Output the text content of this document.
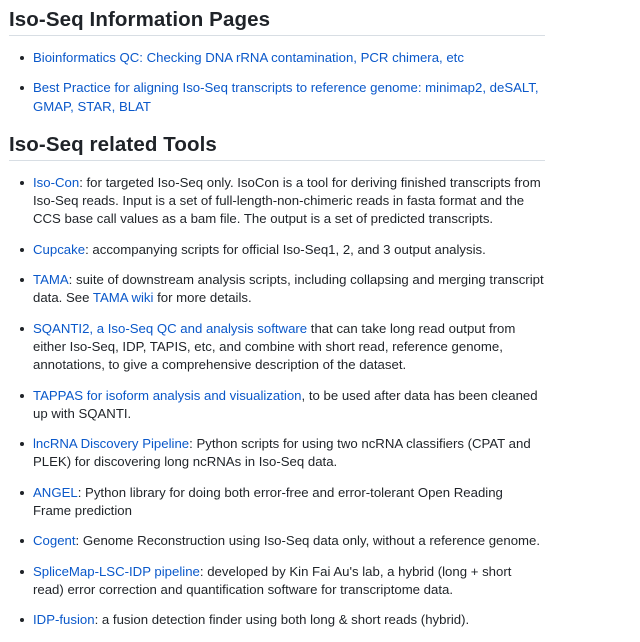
Iso-Seq Information Pages
Bioinformatics QC: Checking DNA rRNA contamination, PCR chimera, etc
Best Practice for aligning Iso-Seq transcripts to reference genome: minimap2, deSALT, GMAP, STAR, BLAT
Iso-Seq related Tools
Iso-Con: for targeted Iso-Seq only. IsoCon is a tool for deriving finished transcripts from Iso-Seq reads. Input is a set of full-length-non-chimeric reads in fasta format and the CCS base call values as a bam file. The output is a set of predicted transcripts.
Cupcake: accompanying scripts for official Iso-Seq1, 2, and 3 output analysis.
TAMA: suite of downstream analysis scripts, including collapsing and merging transcript data. See TAMA wiki for more details.
SQANTI2, a Iso-Seq QC and analysis software that can take long read output from either Iso-Seq, IDP, TAPIS, etc, and combine with short read, reference genome, annotations, to give a comprehensive description of the dataset.
TAPPAS for isoform analysis and visualization, to be used after data has been cleaned up with SQANTI.
lncRNA Discovery Pipeline: Python scripts for using two ncRNA classifiers (CPAT and PLEK) for discovering long ncRNAs in Iso-Seq data.
ANGEL: Python library for doing both error-free and error-tolerant Open Reading Frame prediction
Cogent: Genome Reconstruction using Iso-Seq data only, without a reference genome.
SpliceMap-LSC-IDP pipeline: developed by Kin Fai Au's lab, a hybrid (long + short read) error correction and quantification software for transcriptome data.
IDP-fusion: a fusion detection finder using both long & short reads (hybrid).
